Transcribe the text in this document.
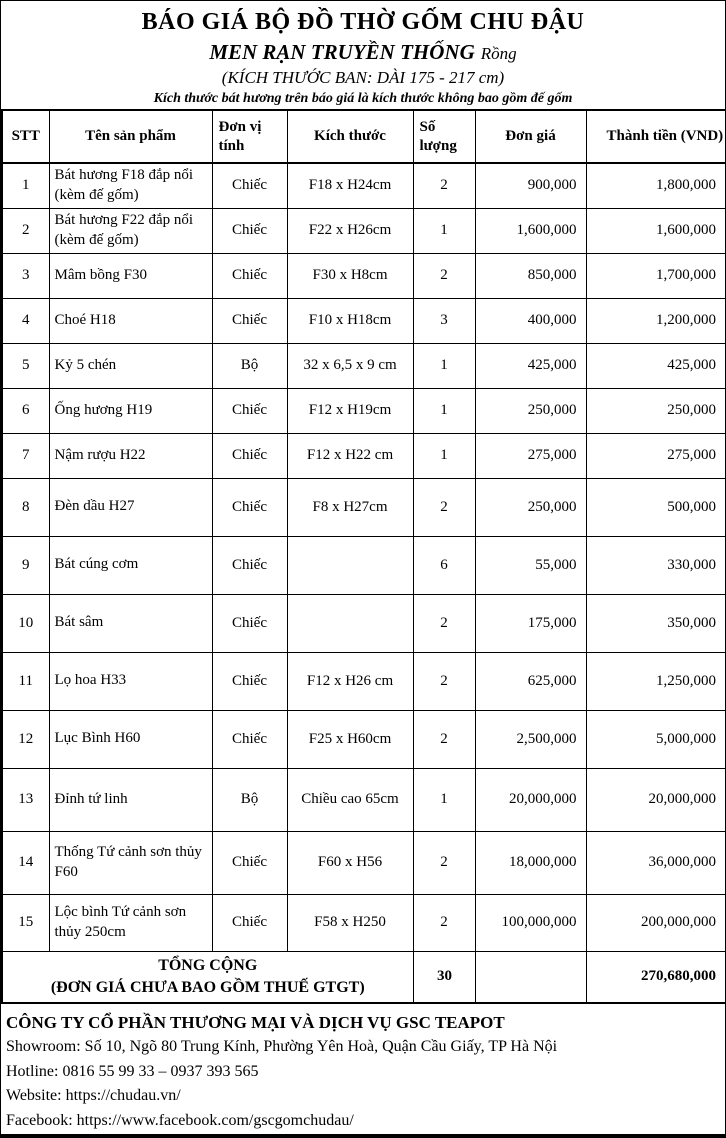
BÁO GIÁ BỘ ĐỒ THỜ GỐM CHU ĐẬU
MEN RẠN TRUYỀN THỐNG Rồng
(KÍCH THƯỚC BAN: DÀI 175 - 217 cm)
Kích thước bát hương trên báo giá là kích thước không bao gồm đế gốm
STT	Tên sản phẩm	Đơn vị tính	Kích thước	Số lượng	Đơn giá	Thành tiền (VND)
1	Bát hương F18 đắp nổi (kèm đế gốm)	Chiếc	F18 x H24cm	2	900,000	1,800,000
2	Bát hương F22 đắp nổi (kèm đế gốm)	Chiếc	F22 x H26cm	1	1,600,000	1,600,000
3	Mâm bồng F30	Chiếc	F30 x H8cm	2	850,000	1,700,000
4	Choé H18	Chiếc	F10 x H18cm	3	400,000	1,200,000
5	Kỷ 5 chén	Bộ	32 x 6,5 x 9 cm	1	425,000	425,000
6	Ống hương H19	Chiếc	F12 x H19cm	1	250,000	250,000
7	Nậm rượu H22	Chiếc	F12 x H22 cm	1	275,000	275,000
8	Đèn dầu H27	Chiếc	F8 x H27cm	2	250,000	500,000
9	Bát cúng cơm	Chiếc		6	55,000	330,000
10	Bát sâm	Chiếc		2	175,000	350,000
11	Lọ hoa H33	Chiếc	F12 x H26 cm	2	625,000	1,250,000
12	Lục Bình H60	Chiếc	F25 x H60cm	2	2,500,000	5,000,000
13	Đỉnh tứ linh	Bộ	Chiều cao 65cm	1	20,000,000	20,000,000
14	Thống Tứ cảnh sơn thủy F60	Chiếc	F60 x H56	2	18,000,000	36,000,000
15	Lộc bình Tứ cảnh sơn thủy 250cm	Chiếc	F58 x H250	2	100,000,000	200,000,000

TỔNG CỘNG
(ĐƠN GIÁ CHƯA BAO GỒM THUẾ GTGT)				30		270,680,000
CÔNG TY CỔ PHẦN THƯƠNG MẠI VÀ DỊCH VỤ GSC TEAPOT
Showroom: Số 10, Ngõ 80 Trung Kính, Phường Yên Hoà, Quận Cầu Giấy, TP Hà Nội
Hotline: 0816 55 99 33 – 0937 393 565
Website: https://chudau.vn/
Facebook: https://www.facebook.com/gscgomchudau/
